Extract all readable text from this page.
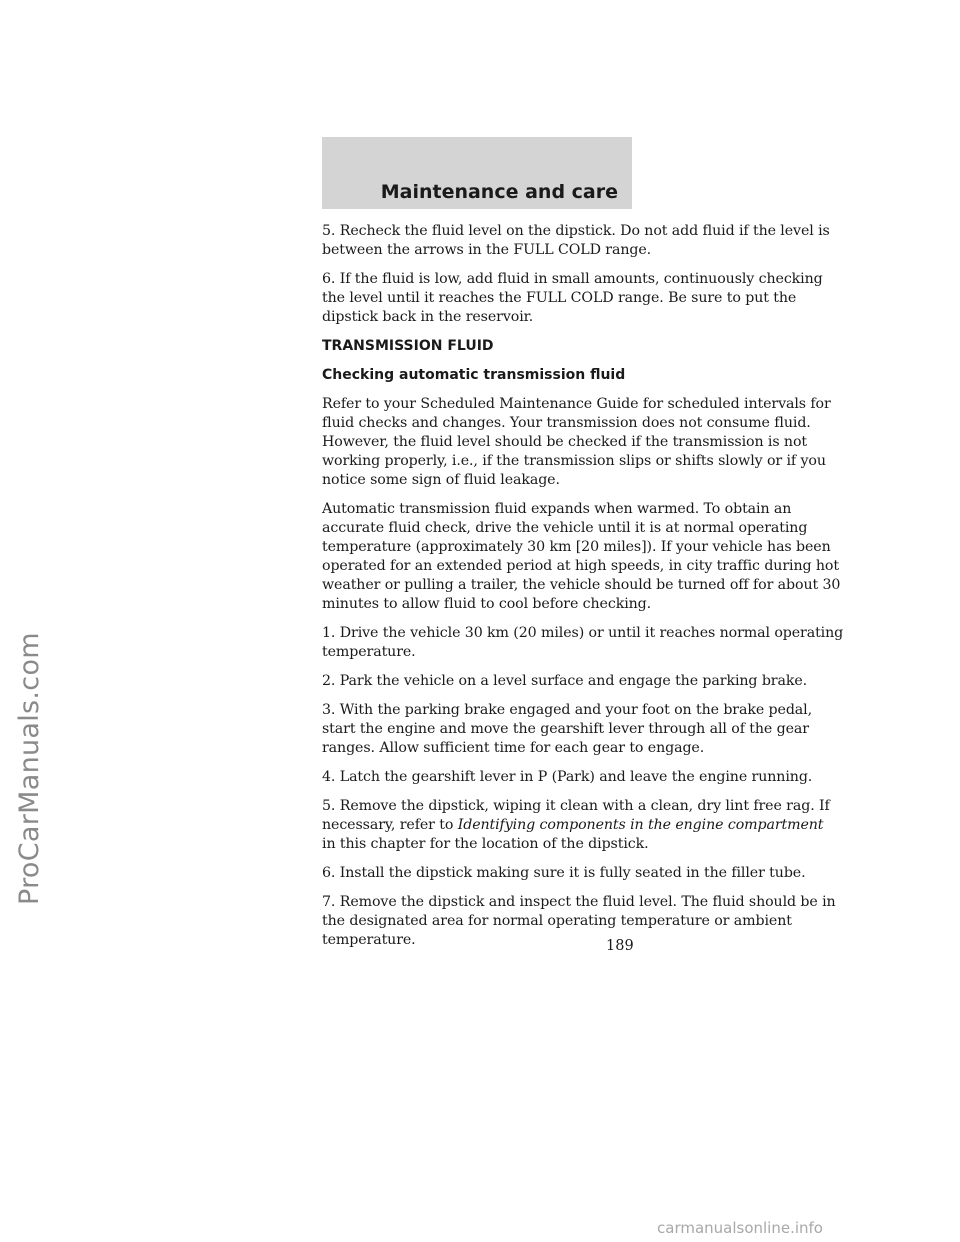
Maintenance and care

5. Recheck the fluid level on the dipstick. Do not add fluid if the level is
between the arrows in the FULL COLD range.

6. If the fluid is low, add fluid in small amounts, continuously checking
the level until it reaches the FULL COLD range. Be sure to put the
dipstick back in the reservoir.

TRANSMISSION FLUID
Checking automatic transmission fluid

Refer to your Scheduled Maintenance Guide for scheduled intervals for
fluid checks and changes. Your transmission does not consume fluid.
However, the fluid level should be checked if the transmission is not
working properly, i.e., if the transmission slips or shifts slowly or if you
notice some sign of fluid leakage.

Automatic transmission fluid expands when warmed. To obtain an
accurate fluid check, drive the vehicle until it is at normal operating
temperature (approximately 30 km [20 miles]). If your vehicle has been
operated for an extended period at high speeds, in city traffic during hot
weather or pulling a trailer, the vehicle should be turned off for about 30
minutes to allow fluid to cool before checking.

1. Drive the vehicle 30 km (20 miles) or until it reaches normal operating
temperature.

2. Park the vehicle on a level surface and engage the parking brake.

3. With the parking brake engaged and your foot on the brake pedal,
start the engine and move the gearshift lever through all of the gear
ranges. Allow sufficient time for each gear to engage.

4. Latch the gearshift lever in P (Park) and leave the engine running.

5. Remove the dipstick, wiping it clean with a clean, dry lint free rag. If
necessary, refer to Identifying components in the engine compartment
in this chapter for the location of the dipstick.

6. Install the dipstick making sure it is fully seated in the filler tube.

7. Remove the dipstick and inspect the fluid level. The fluid should be in
the designated area for normal operating temperature or ambient
temperature.	189
ProCarManuals.com
carmanualsonline.info
